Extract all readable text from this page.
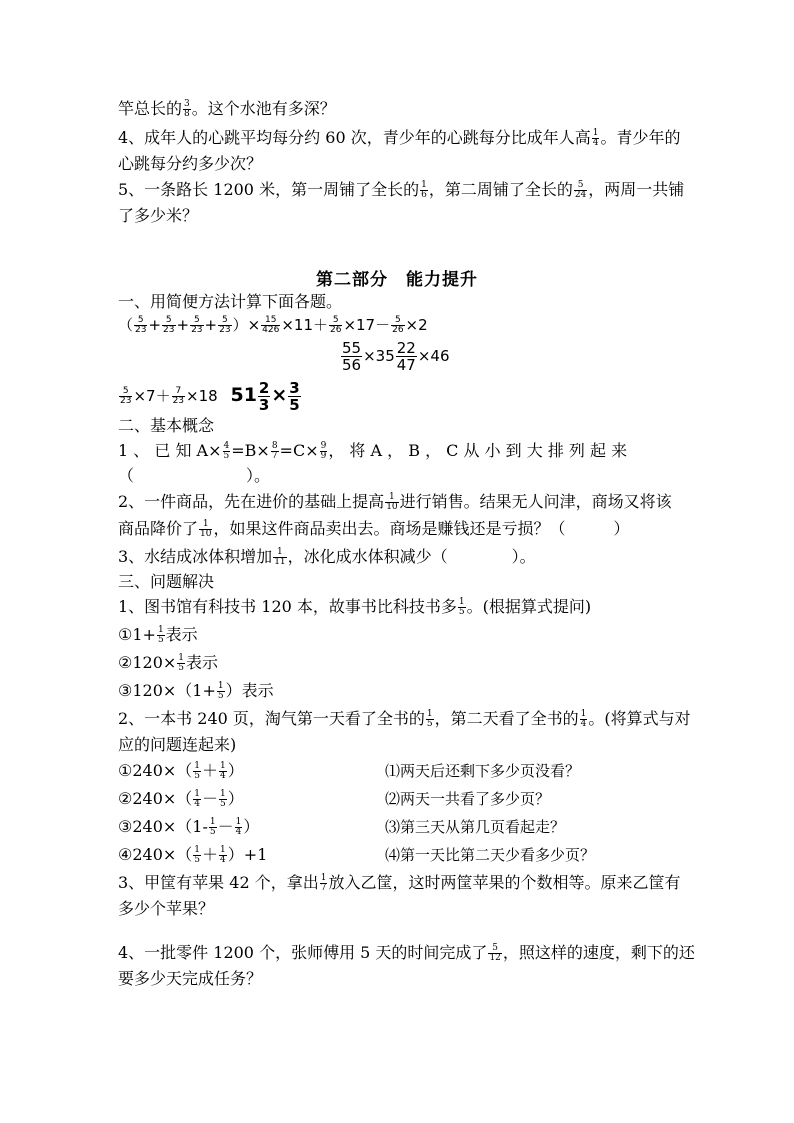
竿总长的 $\frac{3}{8}$ 。这个水池有多深？
4、成年人的心跳平均每分约 60 次，青少年的心跳每分比成年人高 $\frac{1}{4}$ 。青少年的
心跳每分约多少次？
5、一条路长 1200 米，第一周铺了全长的 $\frac{1}{6}$ ，第二周铺了全长的 $\frac{5}{24}$ ，两周一共铺
了多少米？
第二部分　能力提升
一、用简便方法计算下面各题。
（ $\frac{5}{23} + \frac{5}{23} + \frac{5}{23} + \frac{5}{23}$ ）× $\frac{15}{426} \times 11+ \frac{5}{26} \times 17- \frac{5}{26} \times 2$
$\frac{55}{56} \times 35 \frac{22}{47} \times 46$
$\frac{5}{23} \times 7+ \frac{7}{23} \times 18$ $51 \frac{2}{3} \times \frac{3}{5}$
二、基本概念
1 、 已 知 $A\times \frac{4}{5} =B\times \frac{8}{7} =C\times \frac{9}{9}$ ， 将 A ， B ， C 从 小 到 大 排 列 起 来
（　　　　　　　）。
2、一件商品，先在进价的基础上提高 $\frac{1}{10}$ 进行销售。结果无人问津，商场又将该
商品降价了 $\frac{1}{10}$ ，如果这件商品卖出去。商场是赚钱还是亏损？（　　　）
3、水结成冰体积增加 $\frac{1}{11}$ ，冰化成水体积减少（　　　　）。
三、问题解决
1、图书馆有科技书 120 本，故事书比科技书多 $\frac{1}{5}$ 。(根据算式提问)
①1+ $\frac{1}{5}$ 表示
②120× $\frac{1}{5}$ 表示
③120×（1+ $\frac{1}{5}$ ）表示
2、一本书 240 页，淘气第一天看了全书的 $\frac{1}{5}$ ，第二天看了全书的 $\frac{1}{4}$ 。(将算式与对
应的问题连起来)
①240×（ $\frac{1}{5} + \frac{1}{4}$ ）	⑴两天后还剩下多少页没看？
②240×（ $\frac{1}{4} - \frac{1}{5}$ ）	⑵两天一共看了多少页？
③240×（1- $\frac{1}{5} - \frac{1}{4}$ ）	⑶第三天从第几页看起走？
④240×（ $\frac{1}{5} + \frac{1}{4} )+1$	⑷第一天比第二天少看多少页？
3、甲筐有苹果 42 个，拿出 $\frac{1}{7}$ 放入乙筐，这时两筐苹果的个数相等。原来乙筐有
多少个苹果？
4、一批零件 1200 个，张师傅用 5 天的时间完成了 $\frac{5}{12}$ ，照这样的速度，剩下的还
要多少天完成任务？
